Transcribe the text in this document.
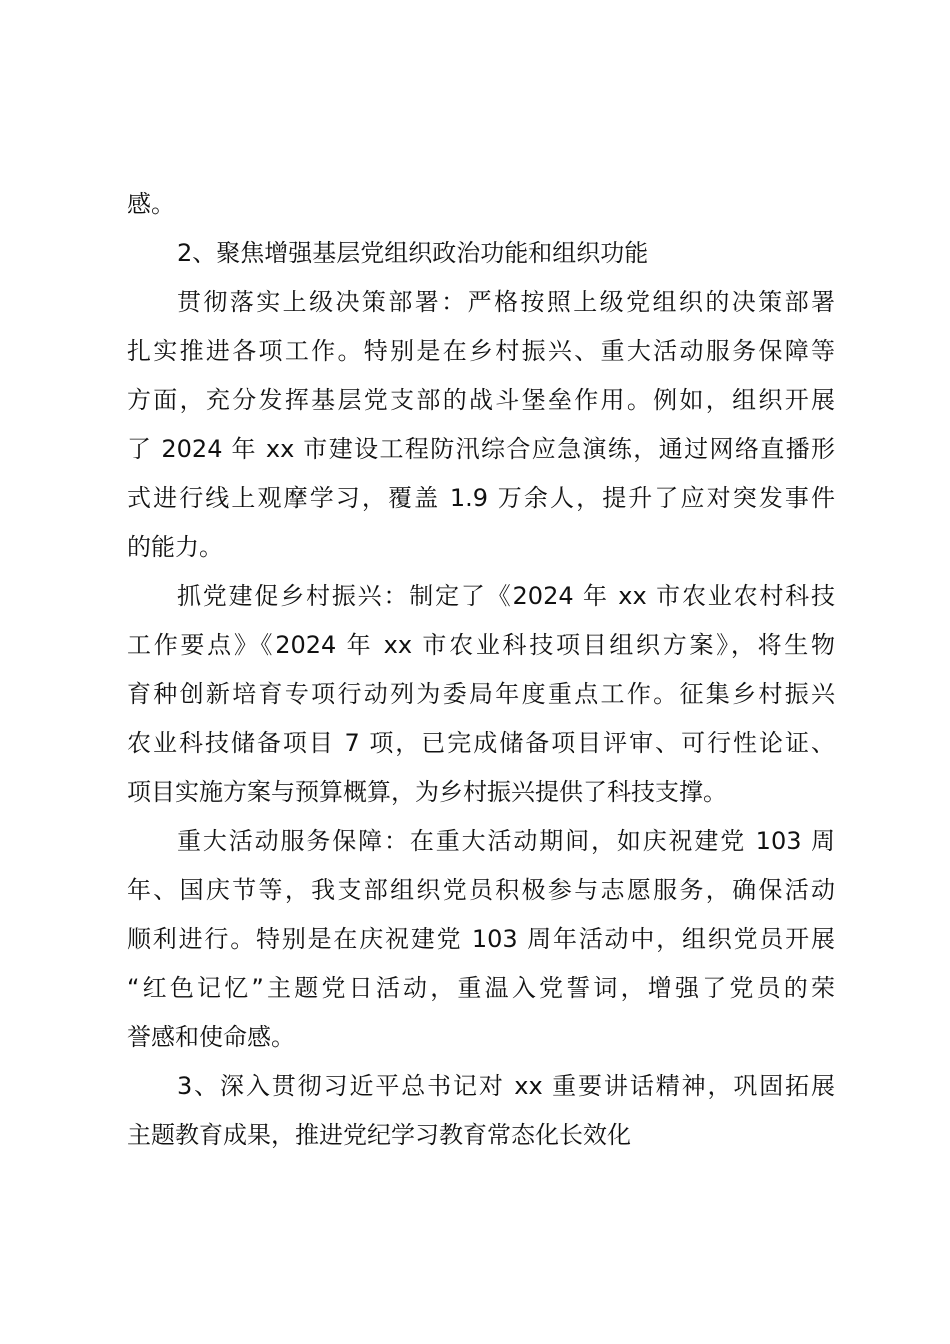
感。
2、聚焦增强基层党组织政治功能和组织功能
贯彻落实上级决策部署：严格按照上级党组织的决策部署
扎实推进各项工作。特别是在乡村振兴、重大活动服务保障等
方面，充分发挥基层党支部的战斗堡垒作用。例如，组织开展
了 2024 年 xx 市建设工程防汛综合应急演练，通过网络直播形
式进行线上观摩学习，覆盖 1.9 万余人，提升了应对突发事件
的能力。
抓党建促乡村振兴：制定了《2024 年 xx 市农业农村科技
工作要点》《2024 年 xx 市农业科技项目组织方案》，将生物
育种创新培育专项行动列为委局年度重点工作。征集乡村振兴
农业科技储备项目 7 项，已完成储备项目评审、可行性论证、
项目实施方案与预算概算，为乡村振兴提供了科技支撑。
重大活动服务保障：在重大活动期间，如庆祝建党 103 周
年、国庆节等，我支部组织党员积极参与志愿服务，确保活动
顺利进行。特别是在庆祝建党 103 周年活动中，组织党员开展
“红色记忆”主题党日活动，重温入党誓词，增强了党员的荣
誉感和使命感。
3、深入贯彻习近平总书记对 xx 重要讲话精神，巩固拓展
主题教育成果，推进党纪学习教育常态化长效化
